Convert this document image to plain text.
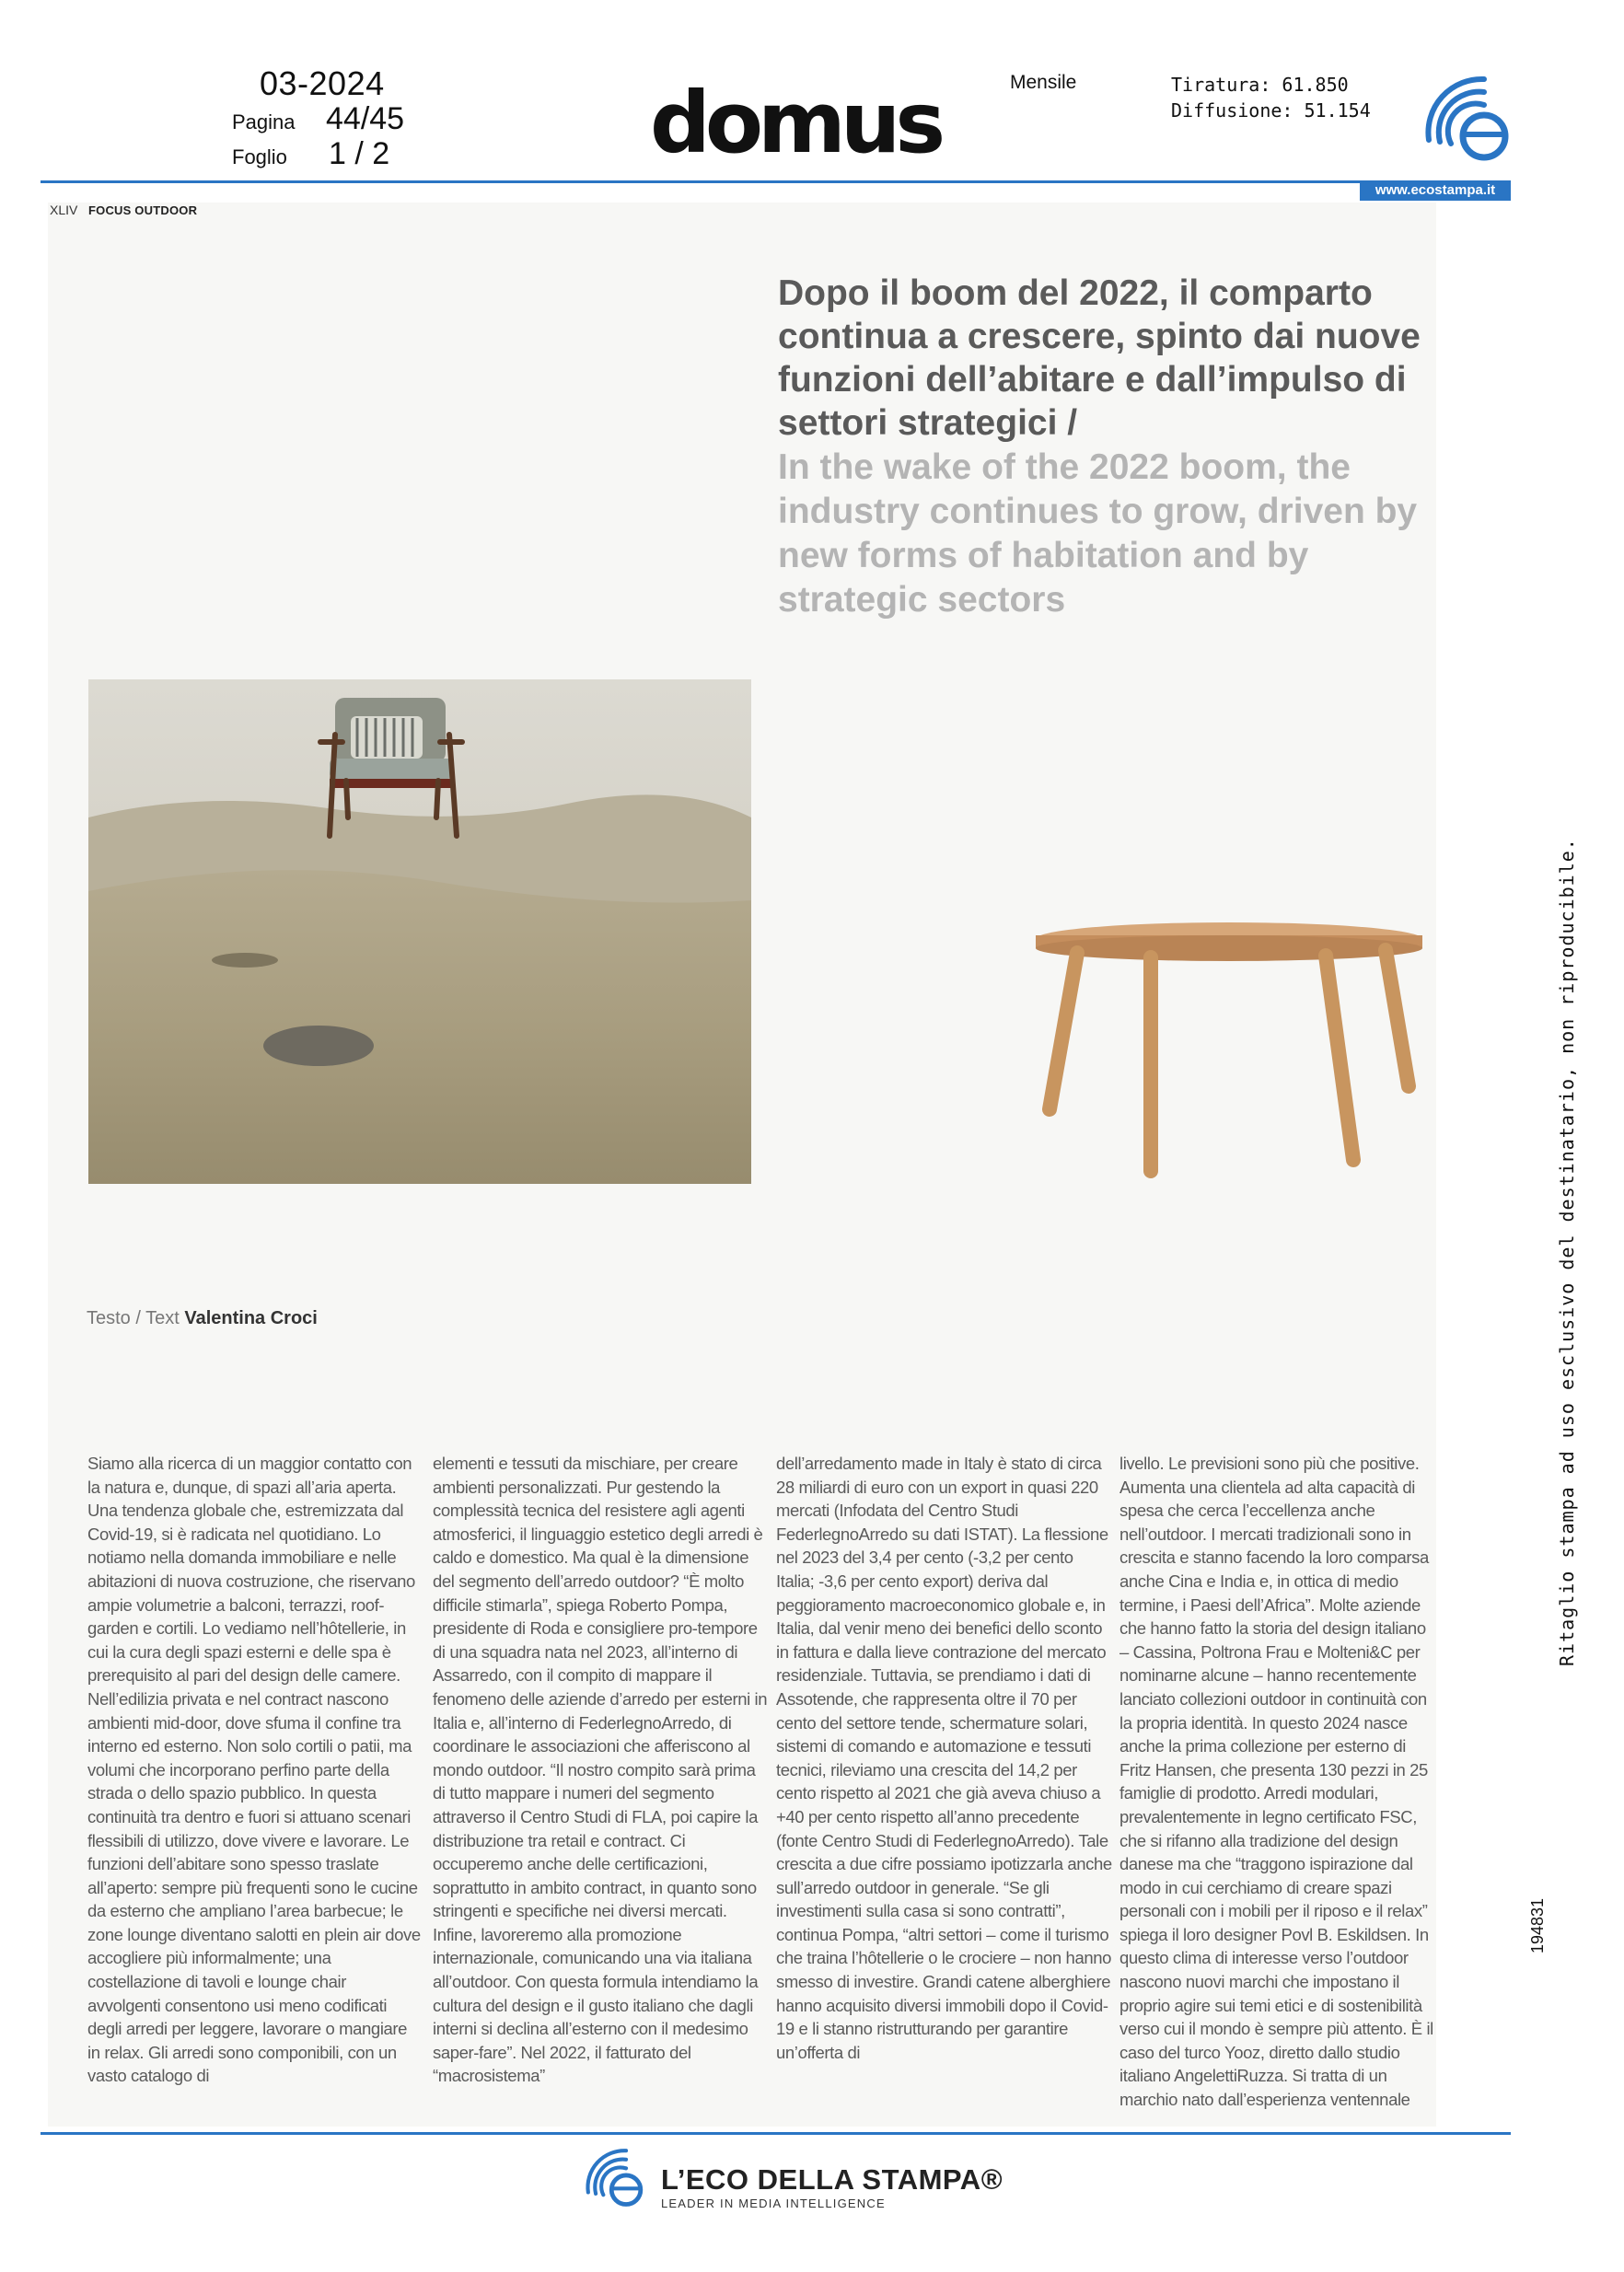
03-2024
Pagina 44/45
Foglio 1 / 2	domus	Mensile	Tiratura: 61.850
Diffusione: 51.154
www.ecostampa.it
XLIV FOCUS OUTDOOR
Dopo il boom del 2022, il comparto continua a crescere, spinto dai nuove funzioni dell’abitare e dall’impulso di settori strategici /
In the wake of the 2022 boom, the industry continues to grow, driven by new forms of habitation and by strategic sectors
Testo / Text Valentina Croci

Siamo alla ricerca di un maggior contatto con la natura e, dunque, di spazi all’aria aperta. Una tendenza globale che, estremizzata dal Covid-19, si è radicata nel quotidiano. Lo notiamo nella domanda immobiliare e nelle abitazioni di nuova costruzione, che riservano ampie volumetrie a balconi, terrazzi, roof-garden e cortili. Lo vediamo nell’hôtellerie, in cui la cura degli spazi esterni e delle spa è prerequisito al pari del design delle camere. Nell’edilizia privata e nel contract nascono ambienti mid-door, dove sfuma il confine tra interno ed esterno. Non solo cortili o patii, ma volumi che incorporano perfino parte della strada o dello spazio pubblico. In questa continuità tra dentro e fuori si attuano scenari flessibili di utilizzo, dove vivere e lavorare. Le funzioni dell’abitare sono spesso traslate all’aperto: sempre più frequenti sono le cucine da esterno che ampliano l’area barbecue; le zone lounge diventano salotti en plein air dove accogliere più informalmente; una costellazione di tavoli e lounge chair avvolgenti consentono usi meno codificati degli arredi per leggere, lavorare o mangiare in relax. Gli arredi sono componibili, con un vasto catalogo di

elementi e tessuti da mischiare, per creare ambienti personalizzati. Pur gestendo la complessità tecnica del resistere agli agenti atmosferici, il linguaggio estetico degli arredi è caldo e domestico. Ma qual è la dimensione del segmento dell’arredo outdoor? “È molto difficile stimarla”, spiega Roberto Pompa, presidente di Roda e consigliere pro-tempore di una squadra nata nel 2023, all’interno di Assarredo, con il compito di mappare il fenomeno delle aziende d’arredo per esterni in Italia e, all’interno di FederlegnoArredo, di coordinare le associazioni che afferiscono al mondo outdoor. “Il nostro compito sarà prima di tutto mappare i numeri del segmento attraverso il Centro Studi di FLA, poi capire la distribuzione tra retail e contract. Ci occuperemo anche delle certificazioni, soprattutto in ambito contract, in quanto sono stringenti e specifiche nei diversi mercati. Infine, lavoreremo alla promozione internazionale, comunicando una via italiana all’outdoor. Con questa formula intendiamo la cultura del design e il gusto italiano che dagli interni si declina all’esterno con il medesimo saper-fare”. Nel 2022, il fatturato del “macrosistema”

dell’arredamento made in Italy è stato di circa 28 miliardi di euro con un export in quasi 220 mercati (Infodata del Centro Studi FederlegnoArredo su dati ISTAT). La flessione nel 2023 del 3,4 per cento (-3,2 per cento Italia; -3,6 per cento export) deriva dal peggioramento macroeconomico globale e, in Italia, dal venir meno dei benefici dello sconto in fattura e dalla lieve contrazione del mercato residenziale. Tuttavia, se prendiamo i dati di Assotende, che rappresenta oltre il 70 per cento del settore tende, schermature solari, sistemi di comando e automazione e tessuti tecnici, rileviamo una crescita del 14,2 per cento rispetto al 2021 che già aveva chiuso a +40 per cento rispetto all’anno precedente (fonte Centro Studi di FederlegnoArredo). Tale crescita a due cifre possiamo ipotizzarla anche sull’arredo outdoor in generale. “Se gli investimenti sulla casa si sono contratti”, continua Pompa, “altri settori – come il turismo che traina l’hôtellerie o le crociere – non hanno smesso di investire. Grandi catene alberghiere hanno acquisito diversi immobili dopo il Covid-19 e li stanno ristrutturando per garantire un’offerta di

livello. Le previsioni sono più che positive. Aumenta una clientela ad alta capacità di spesa che cerca l’eccellenza anche nell’outdoor. I mercati tradizionali sono in crescita e stanno facendo la loro comparsa anche Cina e India e, in ottica di medio termine, i Paesi dell’Africa”. Molte aziende che hanno fatto la storia del design italiano – Cassina, Poltrona Frau e Molteni&C per nominarne alcune – hanno recentemente lanciato collezioni outdoor in continuità con la propria identità. In questo 2024 nasce anche la prima collezione per esterno di Fritz Hansen, che presenta 130 pezzi in 25 famiglie di prodotto. Arredi modulari, prevalentemente in legno certificato FSC, che si rifanno alla tradizione del design danese ma che “traggono ispirazione dal modo in cui cerchiamo di creare spazi personali con i mobili per il riposo e il relax” spiega il loro designer Povl B. Eskildsen. In questo clima di interesse verso l’outdoor nascono nuovi marchi che impostano il proprio agire sui temi etici e di sostenibilità verso cui il mondo è sempre più attento. È il caso del turco Yooz, diretto dallo studio italiano AngelettiRuzza. Si tratta di un marchio nato dall’esperienza ventennale

Ritaglio stampa ad uso esclusivo del destinatario, non riproducibile.
194831
L’ECO DELLA STAMPA®
LEADER IN MEDIA INTELLIGENCE
